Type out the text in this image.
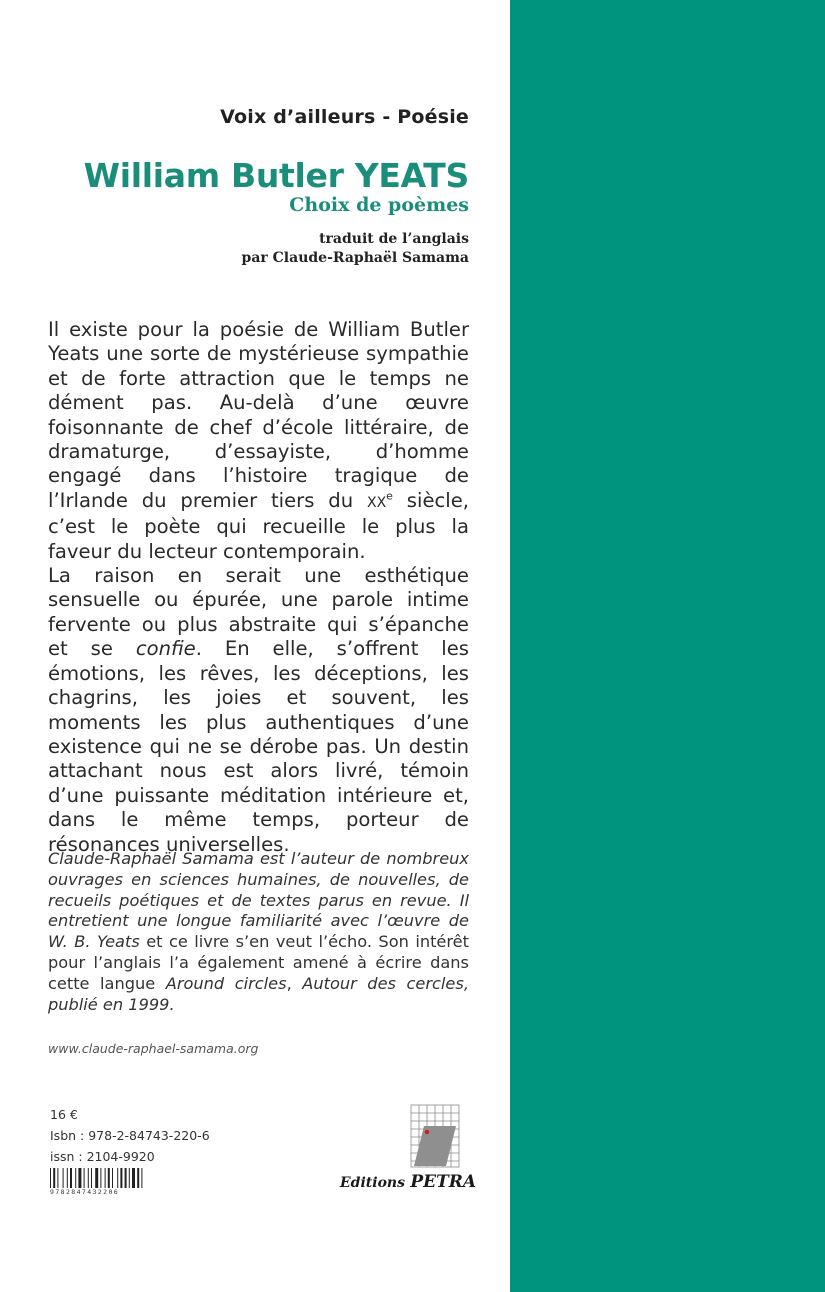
Voix d’ailleurs - Poésie
William Butler YEATS
Choix de poèmes
traduit de l’anglais
par Claude-Raphaël Samama

Il existe pour la poésie de William Butler Yeats une sorte de mystérieuse sympathie et de forte attraction que le temps ne dément pas. Au-delà d’une œuvre foisonnante de chef d’école littéraire, de dramaturge, d’essayiste, d’homme engagé dans l’histoire tragique de l’Irlande du premier tiers du XXe siècle, c’est le poète qui recueille le plus la faveur du lecteur contemporain.

La raison en serait une esthétique sensuelle ou épurée, une parole intime fervente ou plus abstraite qui s’épanche et se confie. En elle, s’offrent les émotions, les rêves, les déceptions, les chagrins, les joies et souvent, les moments les plus authentiques d’une existence qui ne se dérobe pas. Un destin attachant nous est alors livré, témoin d’une puissante méditation intérieure et, dans le même temps, porteur de résonances universelles.

Claude-Raphaël Samama est l’auteur de nombreux ouvrages en sciences humaines, de nouvelles, de recueils poétiques et de textes parus en revue. Il entretient une longue familiarité avec l’œuvre de W. B. Yeats et ce livre s’en veut l’écho. Son intérêt pour l’anglais l’a également amené à écrire dans cette langue Around circles, Autour des cercles, publié en 1999.
www.claude-raphael-samama.org
16 €
Isbn : 978-2-84743-220-6
issn : 2104-9920
9782847432206
Editions PETRA
